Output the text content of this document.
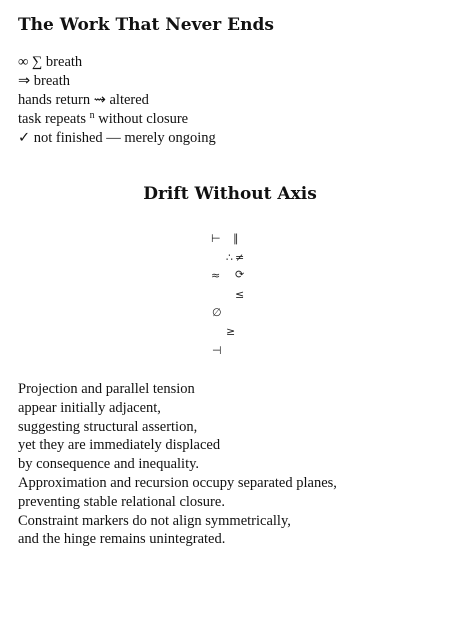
The Work That Never Ends
∞ ∑ breath
⇒ breath
hands return ⇝ altered
task repeats $^n$ without closure
✓ not finished — merely ongoing
Drift Without Axis
⊢ ∥
∴ ≠
≈ ⟳
≤
∅
≥
⊣
Projection and parallel tension
appear initially adjacent,
suggesting structural assertion,
yet they are immediately displaced
by consequence and inequality.
Approximation and recursion occupy separated planes,
preventing stable relational closure.
Constraint markers do not align symmetrically,
and the hinge remains unintegrated.
